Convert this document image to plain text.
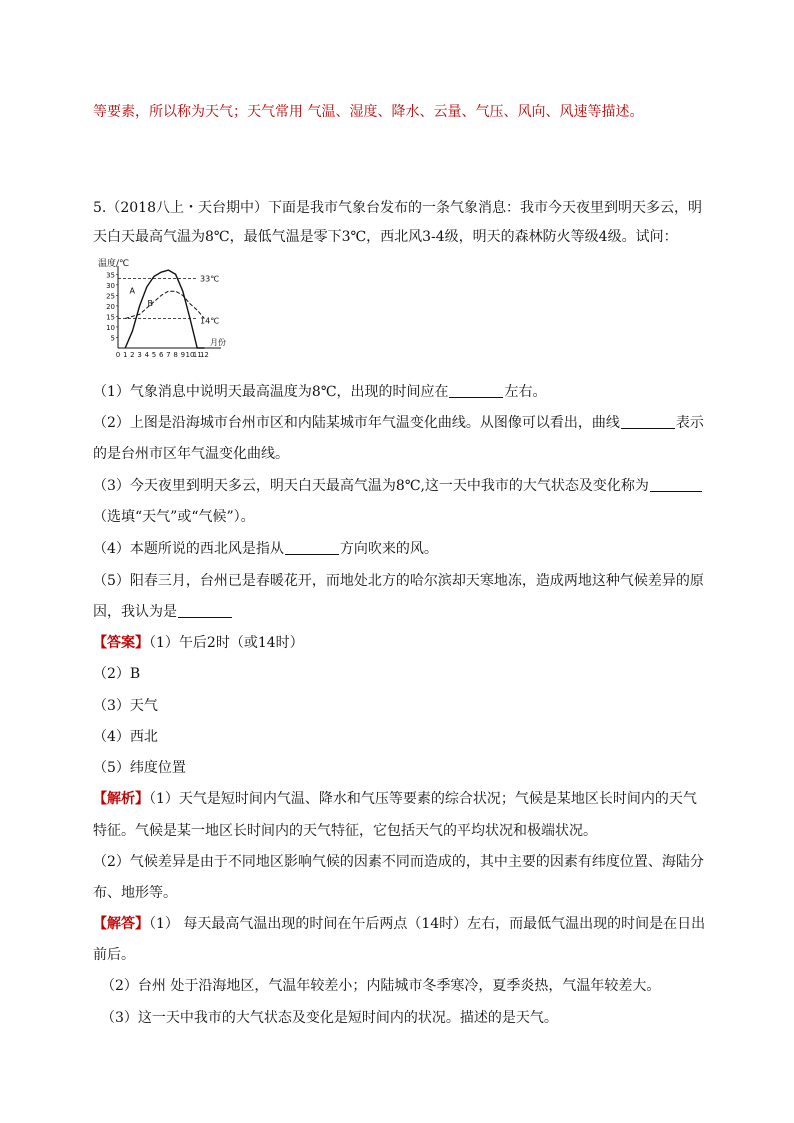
等要素，所以称为天气；天气常用 气温、湿度、降水、云量、气压、风向、风速等描述。
5.（2018八上・天台期中）下面是我市气象台发布的一条气象消息：我市今天夜里到明天多云，明
天白天最高气温为8℃，最低气温是零下3℃，西北风3-4级，明天的森林防火等级4级。试问：
温度/℃
月份
5
10
15
20
25
30
35
0 1 2 3 4 5 6 7 8 9 10
11
12
A
B
33℃
14℃
（1）气象消息中说明天最高温度为8℃，出现的时间应在	左右。
（2）上图是沿海城市台州市区和内陆某城市年气温变化曲线。从图像可以看出，曲线	表示
的是台州市区年气温变化曲线。
（3）今天夜里到明天多云，明天白天最高气温为8℃,这一天中我市的大气状态及变化称为
（选填“天气”或“气候”）。
（4）本题所说的西北风是指从	方向吹来的风。
（5）阳春三月，台州已是春暖花开，而地处北方的哈尔滨却天寒地冻，造成两地这种气候差异的原
因，我认为是
【答案】（1）午后2时（或14时）
（2）B
（3）天气
（4）西北
（5）纬度位置
【解析】（1）天气是短时间内气温、降水和气压等要素的综合状况；气候是某地区长时间内的天气
特征。气候是某一地区长时间内的天气特征，它包括天气的平均状况和极端状况。
（2）气候差异是由于不同地区影响气候的因素不同而造成的，其中主要的因素有纬度位置、海陆分
布、地形等。
【解答】（1） 每天最高气温出现的时间在午后两点（14时）左右，而最低气温出现的时间是在日出
前后。
（2）台州 处于沿海地区，气温年较差小；内陆城市冬季寒冷，夏季炎热，气温年较差大。
（3）这一天中我市的大气状态及变化是短时间内的状况。描述的是天气。
